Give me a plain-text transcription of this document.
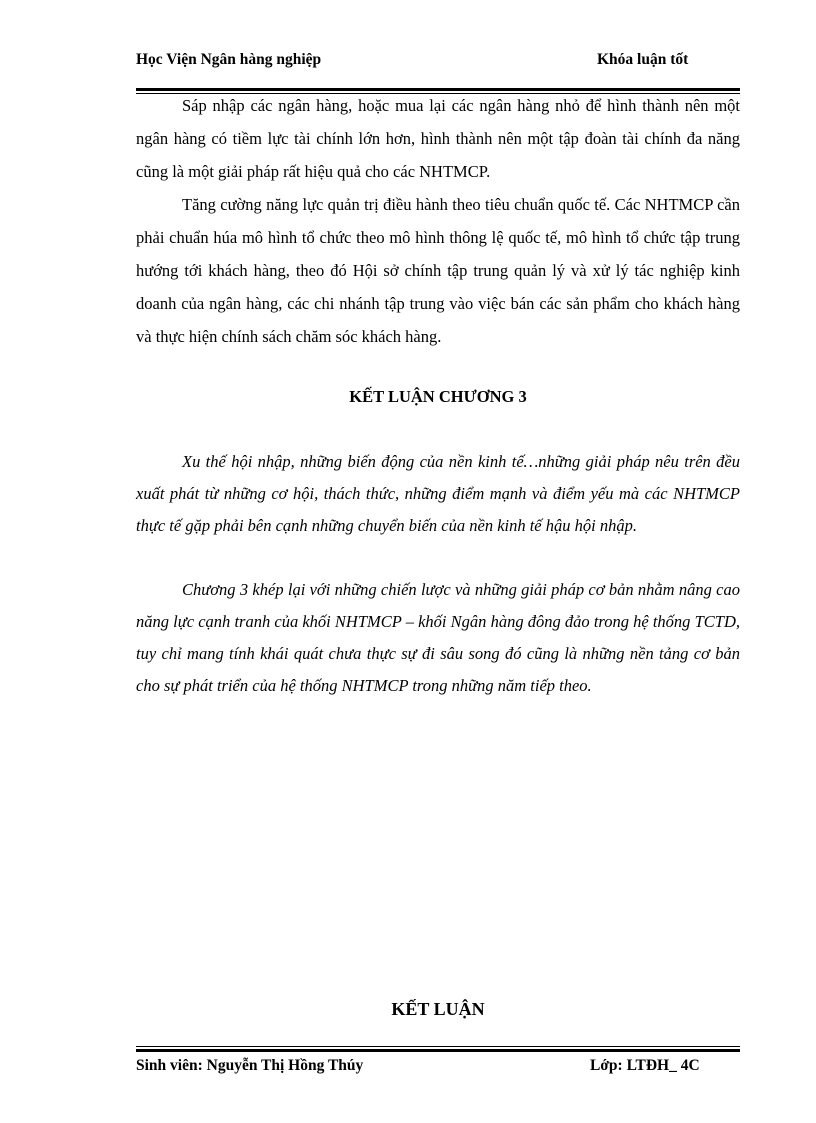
Học Viện Ngân hàng nghiệp	Khóa luận tốt

Sáp nhập các ngân hàng, hoặc mua lại các ngân hàng nhỏ để hình thành nên một ngân hàng có tiềm lực tài chính lớn hơn, hình thành nên một tập đoàn tài chính đa năng cũng là một giải pháp rất hiệu quả cho các NHTMCP.

Tăng cường năng lực quản trị điều hành theo tiêu chuẩn quốc tế. Các NHTMCP cần phải chuẩn húa mô hình tổ chức theo mô hình thông lệ quốc tế, mô hình tổ chức tập trung hướng tới khách hàng, theo đó Hội sở chính tập trung quản lý và xử lý tác nghiệp kinh doanh của ngân hàng, các chi nhánh tập trung vào việc bán các sản phẩm cho khách hàng và thực hiện chính sách chăm sóc khách hàng.

KẾT LUẬN CHƯƠNG 3

Xu thế hội nhập, những biến động của nền kinh tế…những giải pháp nêu trên đều xuất phát từ những cơ hội, thách thức, những điểm mạnh và điểm yếu mà các NHTMCP thực tế gặp phải bên cạnh những chuyển biến của nền kinh tế hậu hội nhập.

Chương 3 khép lại với những chiến lược và những giải pháp cơ bản nhằm nâng cao năng lực cạnh tranh của khối NHTMCP – khối Ngân hàng đông đảo trong hệ thống TCTD, tuy chỉ mang tính khái quát chưa thực sự đi sâu song đó cũng là những nền tảng cơ bản cho sự phát triển của hệ thống NHTMCP trong những năm tiếp theo.

KẾT LUẬN
Sinh viên: Nguyễn Thị Hồng Thúy	Lớp: LTĐH_ 4C
